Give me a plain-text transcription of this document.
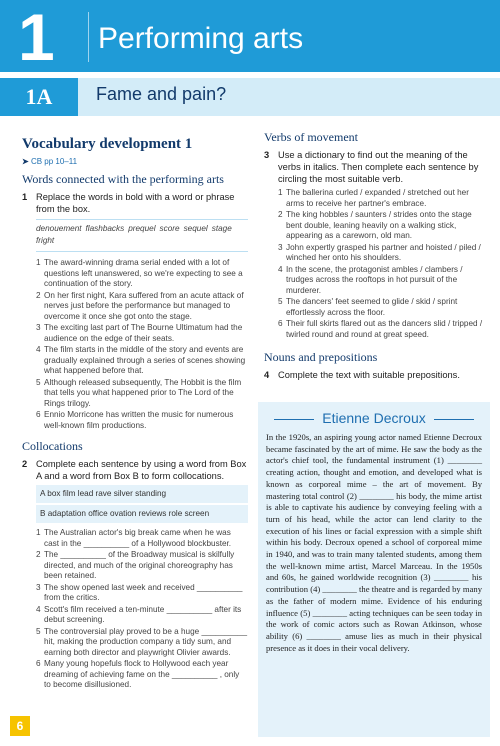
1 Performing arts
1A	Fame and pain?
Vocabulary development 1
➤ CB pp 10–11
Words connected with the performing arts
1 Replace the words in bold with a word or phrase from the box.
denouement flashbacks prequel score sequel stage fright
1 The award-winning drama serial ended with a lot of questions left unanswered, so we're expecting to see a continuation of the story.
2 On her first night, Kara suffered from an acute attack of nerves just before the performance but managed to overcome it once she got onto the stage.
3 The exciting last part of The Bourne Ultimatum had the audience on the edge of their seats.
4 The film starts in the middle of the story and events are gradually explained through a series of scenes showing what happened before that.
5 Although released subsequently, The Hobbit is the film that tells you what happened prior to The Lord of the Rings trilogy.
6 Ennio Morricone has written the music for numerous well-known film productions.
Collocations
2 Complete each sentence by using a word from Box A and a word from Box B to form collocations.
A box film lead rave silver standing
B adaptation office ovation reviews role screen
1 The Australian actor's big break came when he was cast in the __________ of a Hollywood blockbuster.
2 The __________ of the Broadway musical is skilfully directed, and much of the original choreography has been retained.
3 The show opened last week and received __________ from the critics.
4 Scott's film received a ten-minute __________ after its debut screening.
5 The controversial play proved to be a huge __________ hit, making the production company a tidy sum, and earning both director and playwright Olivier awards.
6 Many young hopefuls flock to Hollywood each year dreaming of achieving fame on the __________ , only to become disillusioned.
Verbs of movement
3 Use a dictionary to find out the meaning of the verbs in italics. Then complete each sentence by circling the most suitable verb.
1 The ballerina curled / expanded / stretched out her arms to receive her partner's embrace.
2 The king hobbles / saunters / strides onto the stage bent double, leaning heavily on a walking stick, appearing as a careworn, old man.
3 John expertly grasped his partner and hoisted / piled / winched her onto his shoulders.
4 In the scene, the protagonist ambles / clambers / trudges across the rooftops in hot pursuit of the murderer.
5 The dancers' feet seemed to glide / skid / sprint effortlessly across the floor.
6 Their full skirts flared out as the dancers slid / tripped / twirled round and round at great speed.
Nouns and prepositions
4 Complete the text with suitable prepositions.
Etienne Decroux
In the 1920s, an aspiring young actor named Etienne Decroux became fascinated by the art of mime. He saw the body as the actor's chief tool, the fundamental instrument (1) ________ creating action, thought and emotion, and developed what is known as corporeal mime – the art of movement. By mastering total control (2) ________ his body, the mime artist is able to captivate his audience by conveying feeling with a turn of his head, while the actor can lend clarity to the execution of his lines or facial expression with a simple shift within his body. Decroux opened a school of corporeal mime in 1940, and was to train many talented students, among them the well-known mime artist, Marcel Marceau. In the 1950s and 60s, he gained worldwide recognition (3) ________ his contribution (4) ________ the theatre and is regarded by many as the father of modern mime. Evidence of his enduring influence (5) ________ acting techniques can be seen today in the work of comic actors such as Rowan Atkinson, whose ability (6) ________ amuse lies as much in their physical presence as it does in their vocal delivery.
6
